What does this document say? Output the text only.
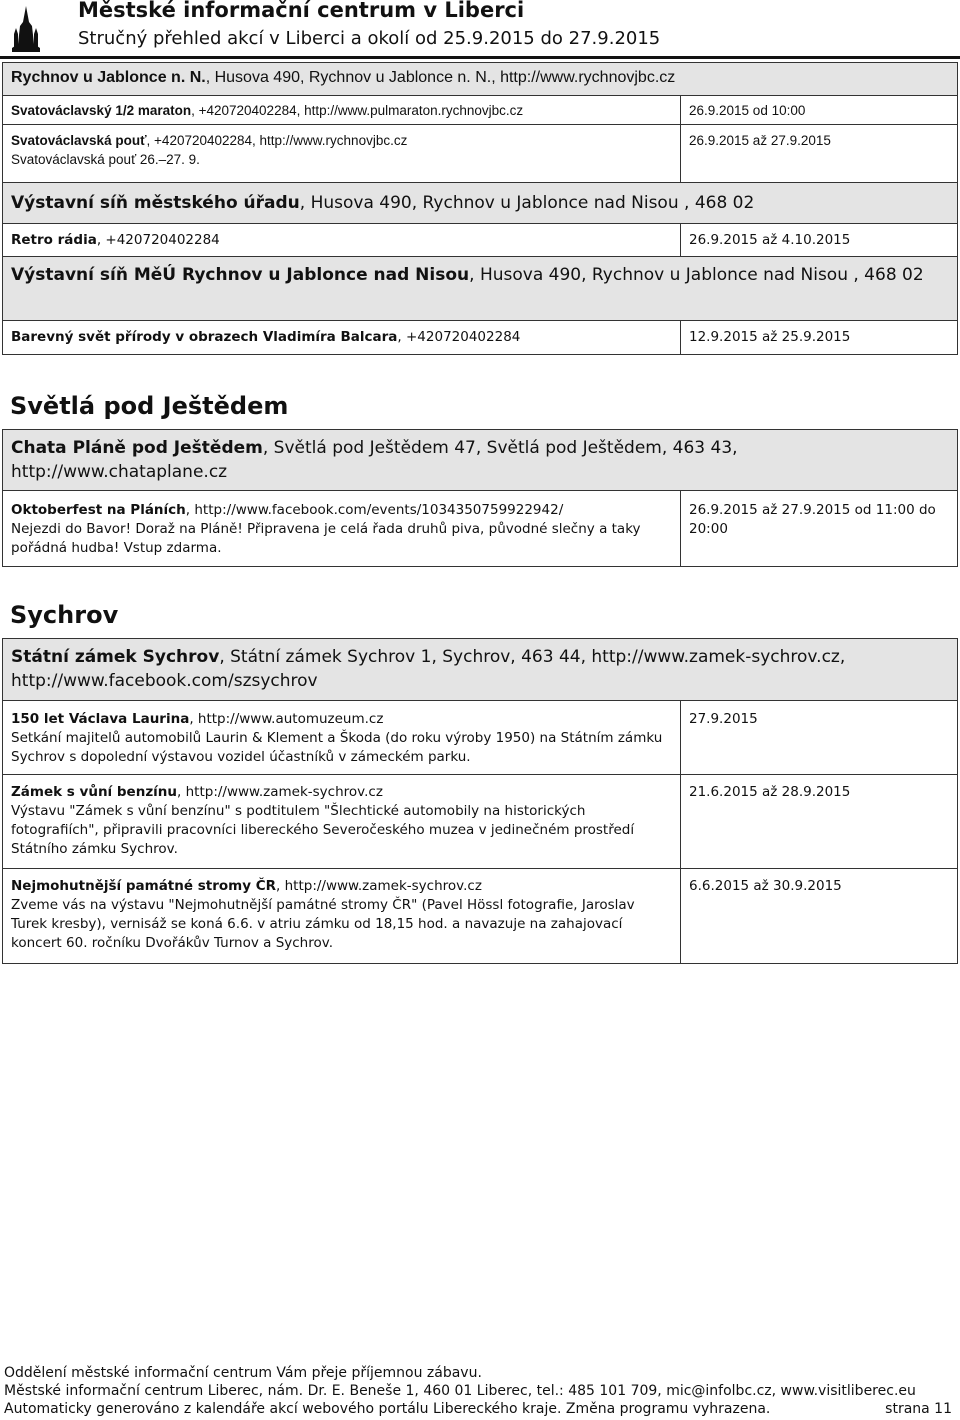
Městské informační centrum v Liberci
Stručný přehled akcí v Liberci a okolí od 25.9.2015 do 27.9.2015
Rychnov u Jablonce n. N., Husova 490, Rychnov u Jablonce n. N., http://www.rychnovjbc.cz	
Svatováclavský 1/2 maraton, +420720402284, http://www.pulmaraton.rychnovjbc.cz	26.9.2015 od 10:00
Svatováclavská pouť, +420720402284, http://www.rychnovjbc.cz
Svatováclavská pouť 26.–27. 9.	26.9.2015 až 27.9.2015
Výstavní síň městského úřadu, Husova 490, Rychnov u Jablonce nad Nisou , 468 02	
Retro rádia, +420720402284	26.9.2015 až 4.10.2015
Výstavní síň MěÚ Rychnov u Jablonce nad Nisou, Husova 490, Rychnov u Jablonce nad Nisou , 468 02	
Barevný svět přírody v obrazech Vladimíra Balcara, +420720402284	12.9.2015 až 25.9.2015
Světlá pod Ještědem
Chata Pláně pod Ještědem, Světlá pod Ještědem 47, Světlá pod Ještědem, 463 43, http://www.chataplane.cz
Oktoberfest na Pláních, http://www.facebook.com/events/1034350759922942/
Nejezdi do Bavor! Doraž na Pláně! Připravena je celá řada druhů piva, původné slečny a taky pořádná hudba! Vstup zdarma.	26.9.2015 až 27.9.2015 od 11:00 do 20:00
Sychrov
Státní zámek Sychrov, Státní zámek Sychrov 1, Sychrov, 463 44, http://www.zamek-sychrov.cz, http://www.facebook.com/szsychrov	
150 let Václava Laurina, http://www.automuzeum.cz
Setkání majitelů automobilů Laurin & Klement a Škoda (do roku výroby 1950) na Státním zámku Sychrov s dopolední výstavou vozidel účastníků v zámeckém parku.	27.9.2015
Zámek s vůní benzínu, http://www.zamek-sychrov.cz
Výstavu "Zámek s vůní benzínu" s podtitulem "Šlechtické automobily na historických fotografiích", připravili pracovníci libereckého Severočeského muzea v jedinečném prostředí Státního zámku Sychrov.	21.6.2015 až 28.9.2015
Nejmohutnější památné stromy ČR, http://www.zamek-sychrov.cz
Zveme vás na výstavu "Nejmohutnější památné stromy ČR" (Pavel Hössl fotografie, Jaroslav Turek kresby), vernisáž se koná 6.6. v atriu zámku od 18,15 hod. a navazuje na zahajovací koncert 60. ročníku Dvořákův Turnov a Sychrov.	6.6.2015 až 30.9.2015
Oddělení městské informační centrum Vám přeje příjemnou zábavu.
Městské informační centrum Liberec, nám. Dr. E. Beneše 1, 460 01 Liberec, tel.: 485 101 709, mic@infolbc.cz, www.visitliberec.eu
Automaticky generováno z kalendáře akcí webového portálu Libereckého kraje. Změna programu vyhrazena.	strana 11
